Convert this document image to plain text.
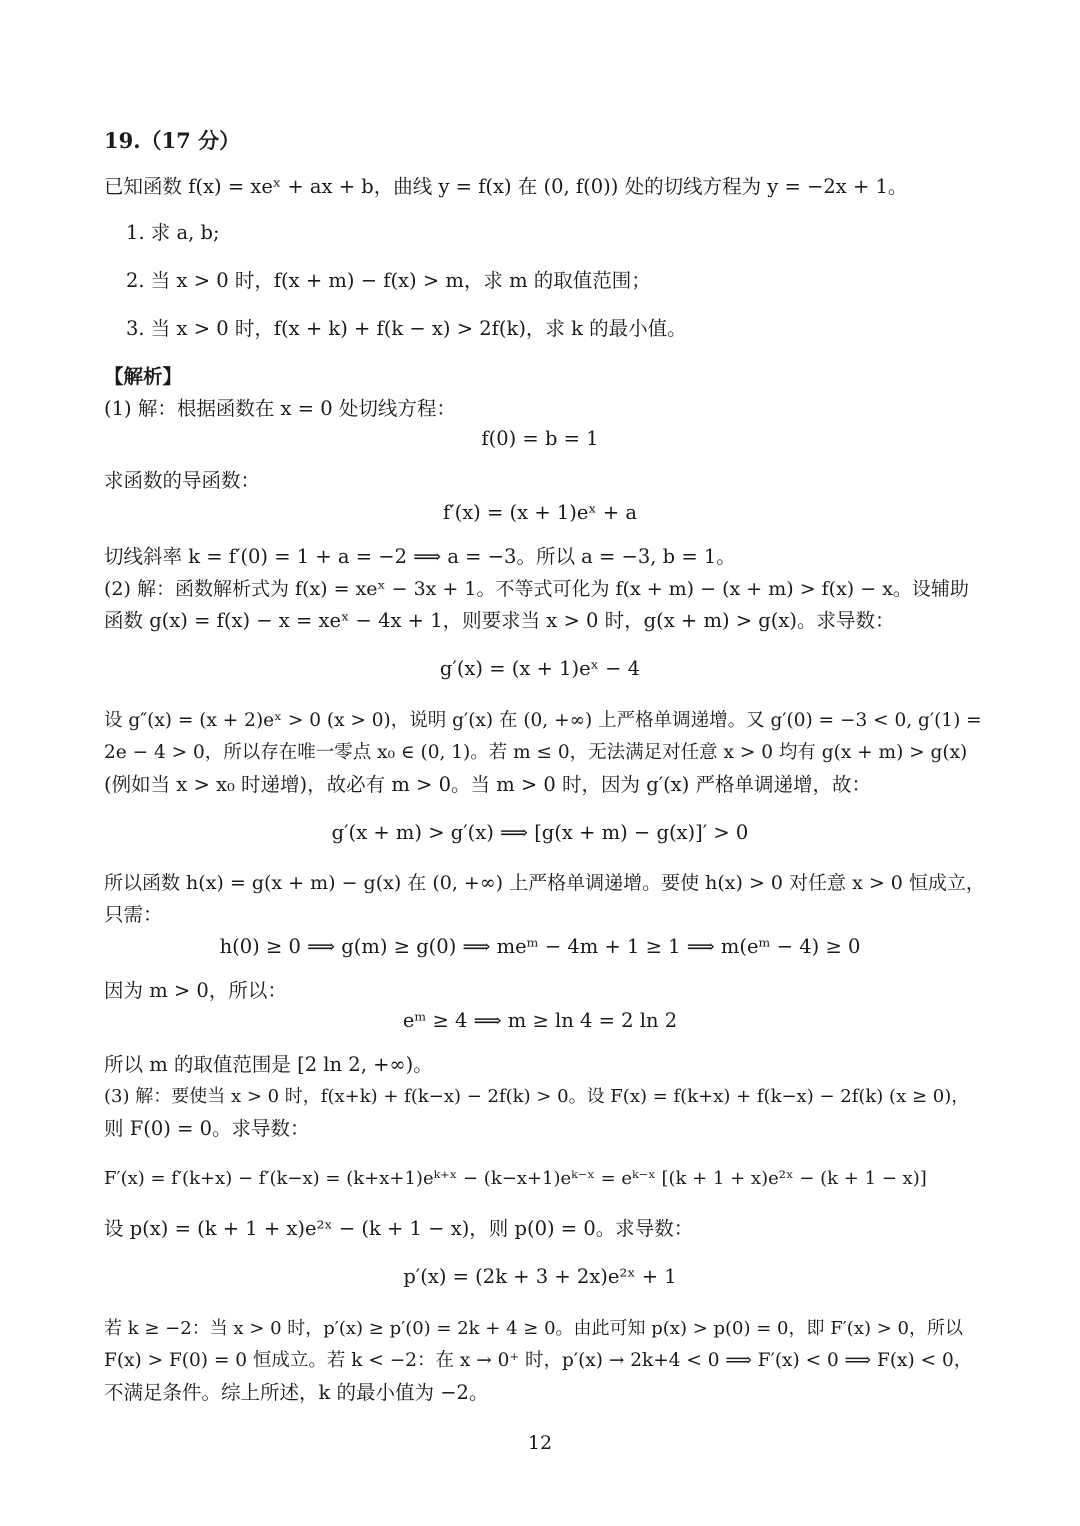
19.（17 分）
已知函数 f(x) = xeˣ + ax + b，曲线 y = f(x) 在 (0, f(0)) 处的切线方程为 y = −2x + 1。
1. 求 a, b;
2. 当 x > 0 时，f(x + m) − f(x) > m，求 m 的取值范围；
3. 当 x > 0 时，f(x + k) + f(k − x) > 2f(k)，求 k 的最小值。
【解析】
(1) 解：根据函数在 x = 0 处切线方程：
f(0) = b = 1
求函数的导函数：
f′(x) = (x + 1)eˣ + a
切线斜率 k = f′(0) = 1 + a = −2 ⟹ a = −3。所以 a = −3, b = 1。
(2) 解：函数解析式为 f(x) = xeˣ − 3x + 1。不等式可化为 f(x + m) − (x + m) > f(x) − x。设辅助
函数 g(x) = f(x) − x = xeˣ − 4x + 1，则要求当 x > 0 时，g(x + m) > g(x)。求导数：
g′(x) = (x + 1)eˣ − 4
设 g″(x) = (x + 2)eˣ > 0 (x > 0)，说明 g′(x) 在 (0, +∞) 上严格单调递增。又 g′(0) = −3 < 0, g′(1) =
2e − 4 > 0，所以存在唯一零点 x₀ ∈ (0, 1)。若 m ≤ 0，无法满足对任意 x > 0 均有 g(x + m) > g(x)
(例如当 x > x₀ 时递增)，故必有 m > 0。当 m > 0 时，因为 g′(x) 严格单调递增，故：
g′(x + m) > g′(x) ⟹ [g(x + m) − g(x)]′ > 0
所以函数 h(x) = g(x + m) − g(x) 在 (0, +∞) 上严格单调递增。要使 h(x) > 0 对任意 x > 0 恒成立，
只需：
h(0) ≥ 0 ⟹ g(m) ≥ g(0) ⟹ meᵐ − 4m + 1 ≥ 1 ⟹ m(eᵐ − 4) ≥ 0
因为 m > 0，所以：
eᵐ ≥ 4 ⟹ m ≥ ln 4 = 2 ln 2
所以 m 的取值范围是 [2 ln 2, +∞)。
(3) 解：要使当 x > 0 时，f(x+k) + f(k−x) − 2f(k) > 0。设 F(x) = f(k+x) + f(k−x) − 2f(k) (x ≥ 0)，
则 F(0) = 0。求导数：
F′(x) = f′(k+x) − f′(k−x) = (k+x+1)eᵏ⁺ˣ − (k−x+1)eᵏ⁻ˣ = eᵏ⁻ˣ [(k + 1 + x)e²ˣ − (k + 1 − x)]
设 p(x) = (k + 1 + x)e²ˣ − (k + 1 − x)，则 p(0) = 0。求导数：
p′(x) = (2k + 3 + 2x)e²ˣ + 1
若 k ≥ −2：当 x > 0 时，p′(x) ≥ p′(0) = 2k + 4 ≥ 0。由此可知 p(x) > p(0) = 0，即 F′(x) > 0，所以
F(x) > F(0) = 0 恒成立。若 k < −2：在 x → 0⁺ 时，p′(x) → 2k+4 < 0 ⟹ F′(x) < 0 ⟹ F(x) < 0，
不满足条件。综上所述，k 的最小值为 −2。
12
